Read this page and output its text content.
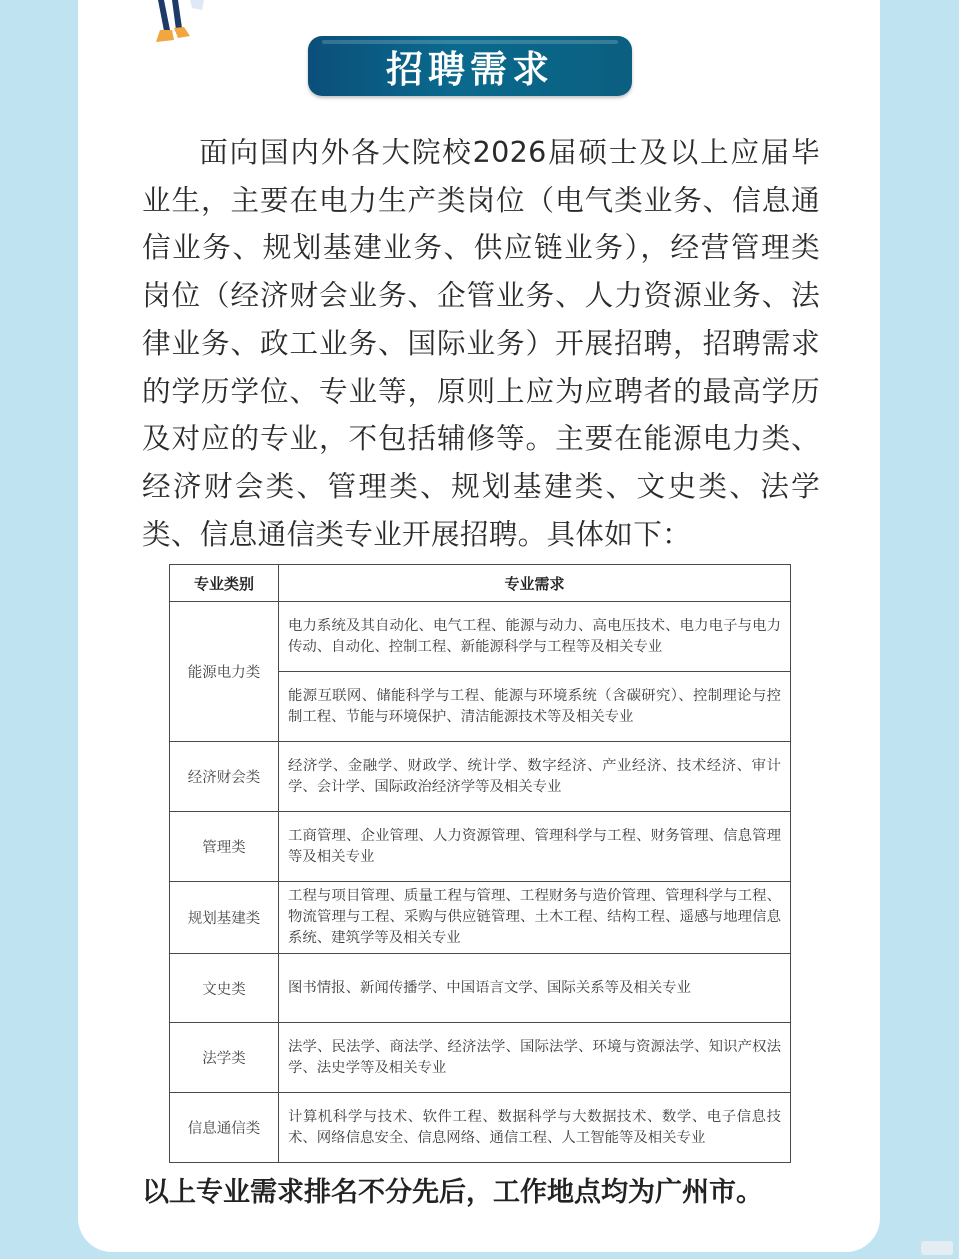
招聘需求

面向国内外各大院校2026届硕士及以上应届毕业生，主要在电力生产类岗位（电气类业务、信息通信业务、规划基建业务、供应链业务），经营管理类岗位（经济财会业务、企管业务、人力资源业务、法律业务、政工业务、国际业务）开展招聘，招聘需求的学历学位、专业等，原则上应为应聘者的最高学历及对应的专业，不包括辅修等。主要在能源电力类、经济财会类、管理类、规划基建类、文史类、法学类、信息通信类专业开展招聘。具体如下：

专业类别	专业需求
能源电力类	电力系统及其自动化、电气工程、能源与动力、高电压技术、电力电子与电力传动、自动化、控制工程、新能源科学与工程等及相关专业
	能源互联网、储能科学与工程、能源与环境系统（含碳研究）、控制理论与控制工程、节能与环境保护、清洁能源技术等及相关专业
经济财会类	经济学、金融学、财政学、统计学、数字经济、产业经济、技术经济、审计学、会计学、国际政治经济学等及相关专业
管理类	工商管理、企业管理、人力资源管理、管理科学与工程、财务管理、信息管理等及相关专业
规划基建类	工程与项目管理、质量工程与管理、工程财务与造价管理、管理科学与工程、物流管理与工程、采购与供应链管理、土木工程、结构工程、遥感与地理信息系统、建筑学等及相关专业
文史类	图书情报、新闻传播学、中国语言文学、国际关系等及相关专业
法学类	法学、民法学、商法学、经济法学、国际法学、环境与资源法学、知识产权法学、法史学等及相关专业
信息通信类	计算机科学与技术、软件工程、数据科学与大数据技术、数学、电子信息技术、网络信息安全、信息网络、通信工程、人工智能等及相关专业
以上专业需求排名不分先后，工作地点均为广州市。
